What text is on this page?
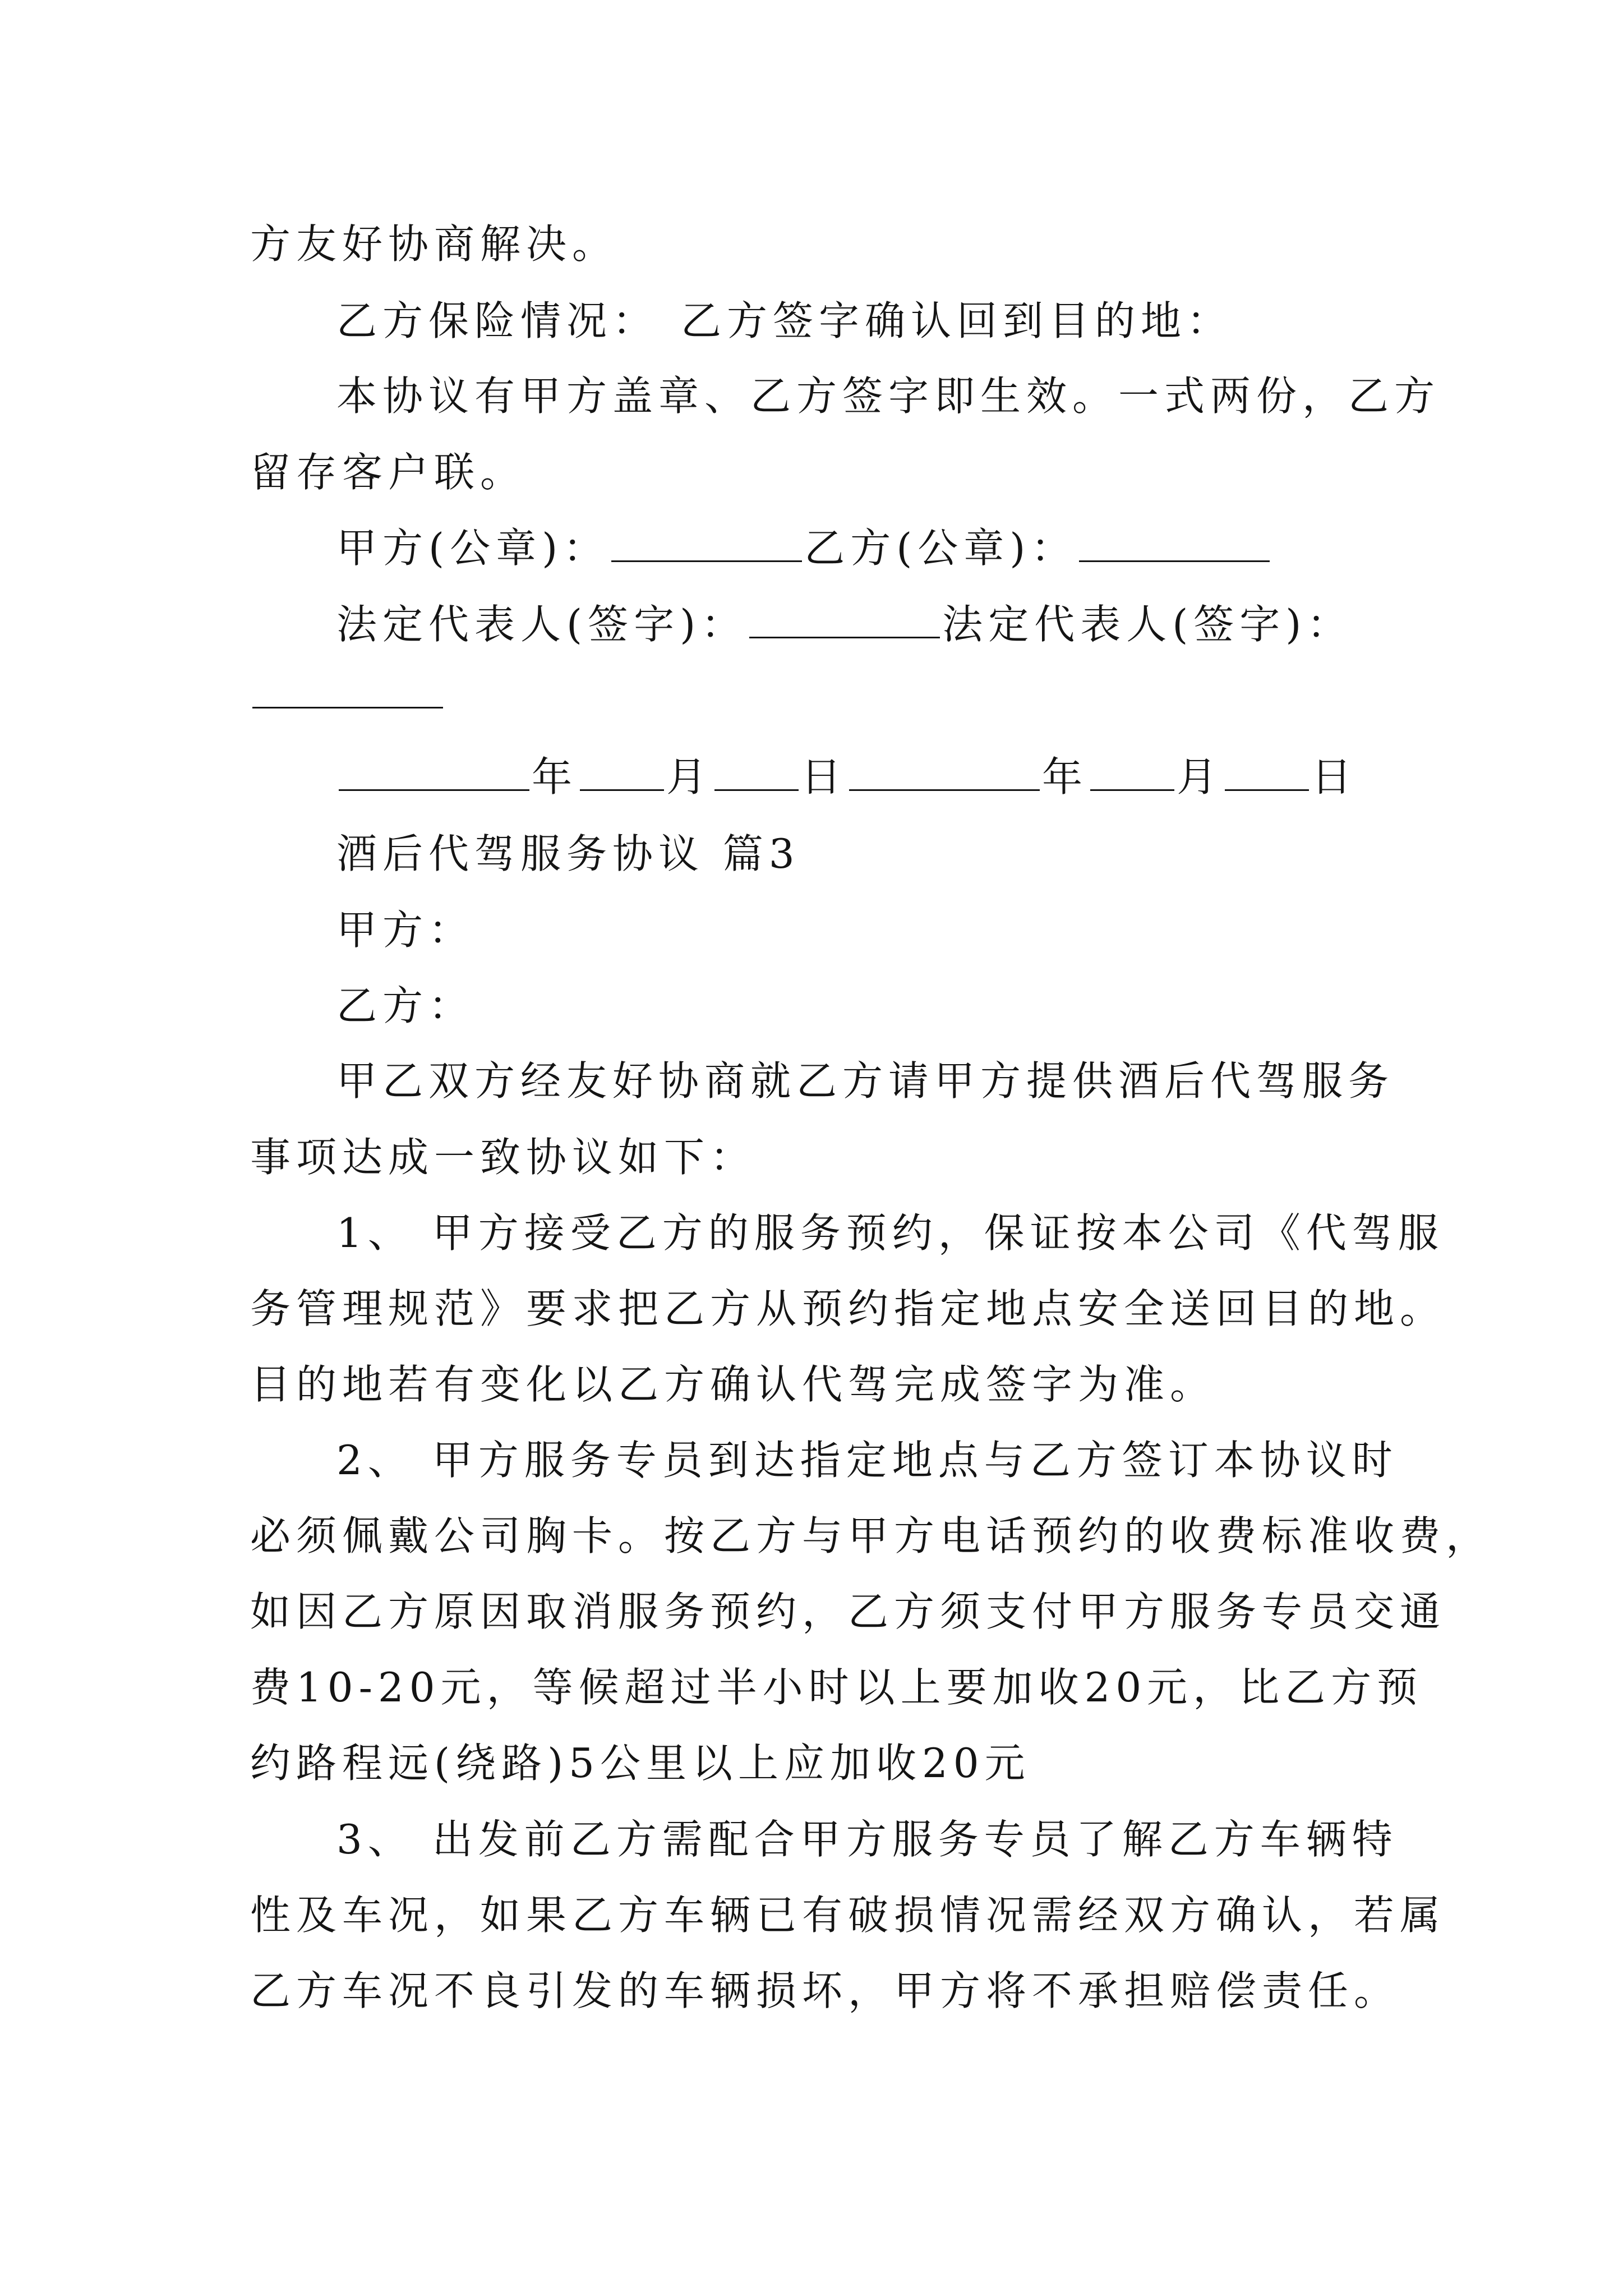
方友好协商解决。
乙方保险情况： 乙方签字确认回到目的地：
本协议有甲方盖章、乙方签字即生效。一式两份，乙方
留存客户联。
甲方(公章)：	乙方(公章)：
法定代表人(签字)：	法定代表人(签字)：
年 月 日	年 月 日
酒后代驾服务协议 篇3
甲方：
乙方：
甲乙双方经友好协商就乙方请甲方提供酒后代驾服务
事项达成一致协议如下：
1、 甲方接受乙方的服务预约，保证按本公司《代驾服
务管理规范》要求把乙方从预约指定地点安全送回目的地。
目的地若有变化以乙方确认代驾完成签字为准。
2、 甲方服务专员到达指定地点与乙方签订本协议时
必须佩戴公司胸卡。按乙方与甲方电话预约的收费标准收费，
如因乙方原因取消服务预约，乙方须支付甲方服务专员交通
费10-20元，等候超过半小时以上要加收20元，比乙方预
约路程远(绕路)5公里以上应加收20元
3、 出发前乙方需配合甲方服务专员了解乙方车辆特
性及车况，如果乙方车辆已有破损情况需经双方确认，若属
乙方车况不良引发的车辆损坏，甲方将不承担赔偿责任。
